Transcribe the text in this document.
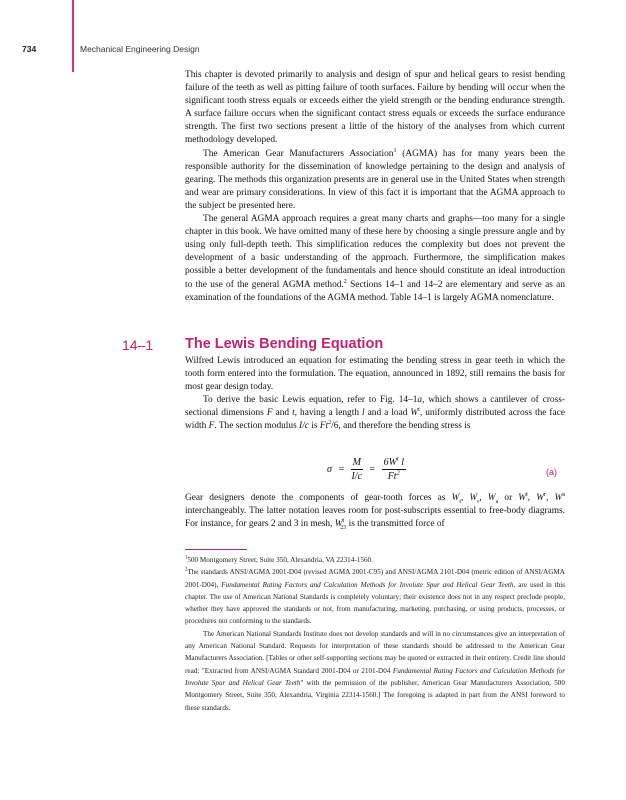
734	Mechanical Engineering Design

This chapter is devoted primarily to analysis and design of spur and helical gears to resist bending failure of the teeth as well as pitting failure of tooth surfaces. Failure by bending will occur when the significant tooth stress equals or exceeds either the yield strength or the bending endurance strength. A surface failure occurs when the significant contact stress equals or exceeds the surface endurance strength. The first two sections present a little of the history of the analyses from which current methodology developed.

The American Gear Manufacturers Association$^1$ (AGMA) has for many years been the responsible authority for the dissemination of knowledge pertaining to the design and analysis of gearing. The methods this organization presents are in general use in the United States when strength and wear are primary considerations. In view of this fact it is important that the AGMA approach to the subject be presented here.

The general AGMA approach requires a great many charts and graphs—too many for a single chapter in this book. We have omitted many of these here by choosing a single pressure angle and by using only full-depth teeth. This simplification reduces the complexity but does not prevent the development of a basic understanding of the approach. Furthermore, the simplification makes possible a better development of the fundamentals and hence should constitute an ideal introduction to the use of the general AGMA method.$^2$ Sections 14–1 and 14–2 are elementary and serve as an examination of the foundations of the AGMA method. Table 14–1 is largely AGMA nomenclature.

14–1 The Lewis Bending Equation

Wilfred Lewis introduced an equation for estimating the bending stress in gear teeth in which the tooth form entered into the formulation. The equation, announced in 1892, still remains the basis for most gear design today.

To derive the basic Lewis equation, refer to Fig. 14–1a, which shows a cantilever of cross-sectional dimensions F and t, having a length l and a load $W^t$, uniformly distributed across the face width F. The section modulus I/c is Ft$^2$/6, and therefore the bending stress is

$\sigma = \frac{M}{I/c} = \frac{6W^t l}{Ft^2}$	(a)

Gear designers denote the components of gear-tooth forces as $W_t$, $W_r$, $W_a$ or $W^t$, $W^r$, $W^a$ interchangeably. The latter notation leaves room for post-subscripts essential to free-body diagrams. For instance, for gears 2 and 3 in mesh, $W^t_{23}$ is the transmitted force of

$^1$500 Montgomery Street, Suite 350, Alexandria, VA 22314-1560.

$^2$The standards ANSI/AGMA 2001-D04 (revised AGMA 2001-C95) and ANSI/AGMA 2101-D04 (metric edition of ANSI/AGMA 2001-D04), Fundamental Rating Factors and Calculation Methods for Involute Spur and Helical Gear Teeth, are used in this chapter. The use of American National Standards is completely voluntary; their existence does not in any respect preclude people, whether they have approved the standards or not, from manufacturing, marketing, purchasing, or using products, processes, or procedures not conforming to the standards.

The American National Standards Institute does not develop standards and will in no circumstances give an interpretation of any American National Standard. Requests for interpretation of these standards should be addressed to the American Gear Manufacturers Association. [Tables or other self-supporting sections may be quoted or extracted in their entirety. Credit line should read: "Extracted from ANSI/AGMA Standard 2001-D04 or 2101-D04 Fundamental Rating Factors and Calculation Methods for Involute Spur and Helical Gear Teeth" with the permission of the publisher, American Gear Manufacturers Association, 500 Montgomery Street, Suite 350, Alexandria, Virginia 22314-1560.] The foregoing is adapted in part from the ANSI foreword to these standards.
